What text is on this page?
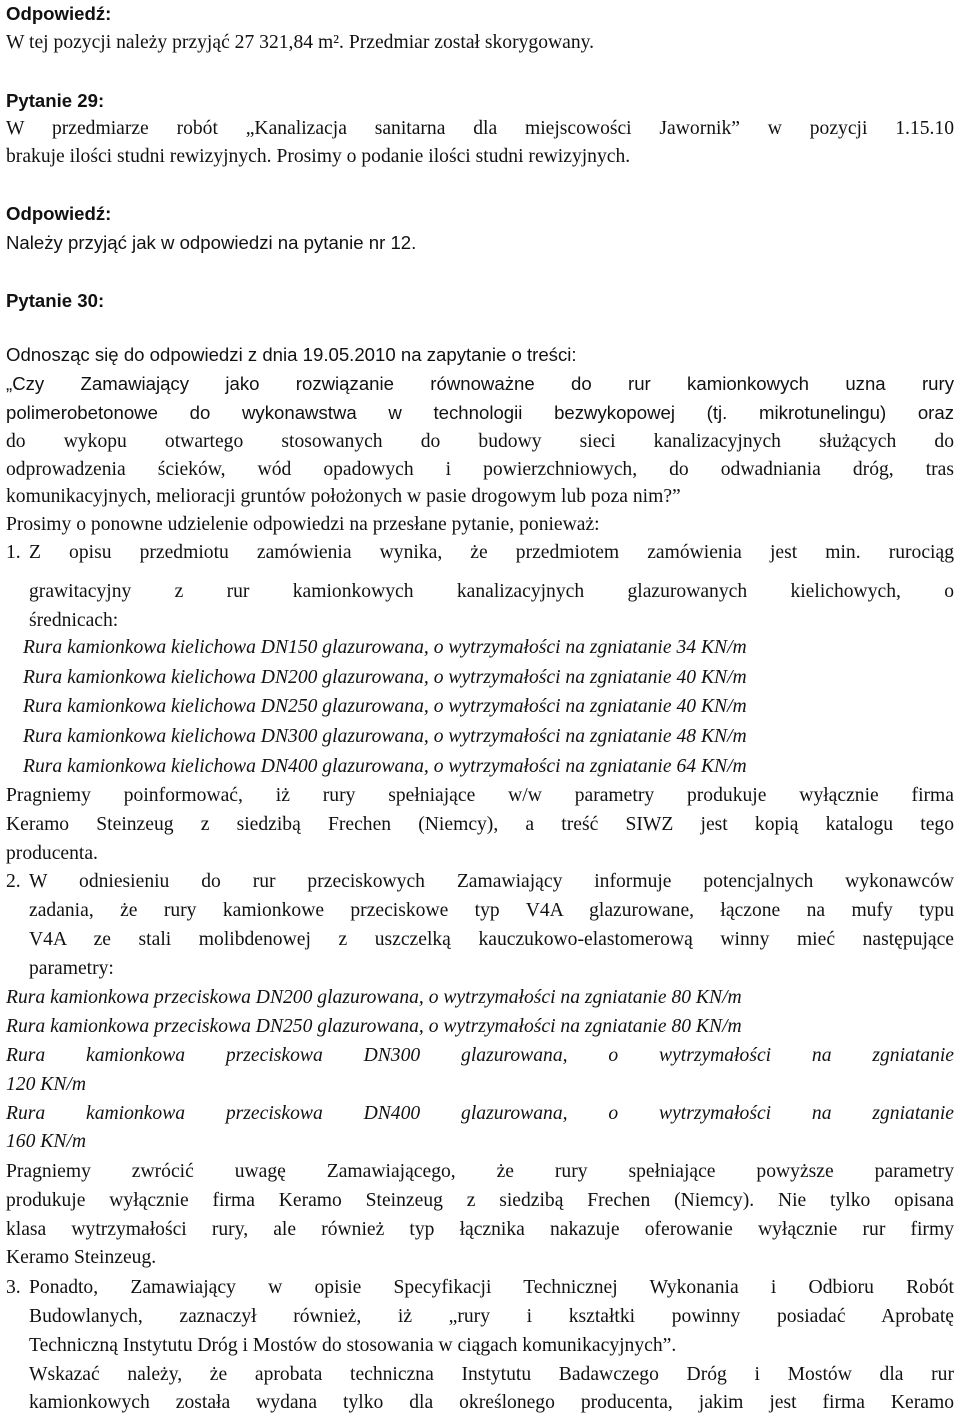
Odpowiedź:
W tej pozycji należy przyjąć 27 321,84 m². Przedmiar został skorygowany.
Pytanie 29:
W przedmiarze robót „Kanalizacja sanitarna dla miejscowości Jawornik” w pozycji 1.15.10
brakuje ilości studni rewizyjnych. Prosimy o podanie ilości studni rewizyjnych.
Odpowiedź:
Należy przyjąć jak w odpowiedzi na pytanie nr 12.
Pytanie 30:
Odnosząc się do odpowiedzi z dnia 19.05.2010 na zapytanie o treści:
„Czy Zamawiający jako rozwiązanie równoważne do rur kamionkowych uzna rury
polimerobetonowe do wykonawstwa w technologii bezwykopowej (tj. mikrotunelingu) oraz
do wykopu otwartego stosowanych do budowy sieci kanalizacyjnych służących do
odprowadzenia ścieków, wód opadowych i powierzchniowych, do odwadniania dróg, tras
komunikacyjnych, melioracji gruntów położonych w pasie drogowym lub poza nim?”
Prosimy o ponowne udzielenie odpowiedzi na przesłane pytanie, ponieważ:
1. Z opisu przedmiotu zamówienia wynika, że przedmiotem zamówienia jest min. rurociąg
grawitacyjny z rur kamionkowych kanalizacyjnych glazurowanych kielichowych, o
średnicach:
Rura kamionkowa kielichowa DN150 glazurowana, o wytrzymałości na zgniatanie 34 KN/m
Rura kamionkowa kielichowa DN200 glazurowana, o wytrzymałości na zgniatanie 40 KN/m
Rura kamionkowa kielichowa DN250 glazurowana, o wytrzymałości na zgniatanie 40 KN/m
Rura kamionkowa kielichowa DN300 glazurowana, o wytrzymałości na zgniatanie 48 KN/m
Rura kamionkowa kielichowa DN400 glazurowana, o wytrzymałości na zgniatanie 64 KN/m
Pragniemy poinformować, iż rury spełniające w/w parametry produkuje wyłącznie firma
Keramo Steinzeug z siedzibą Frechen (Niemcy), a treść SIWZ jest kopią katalogu tego
producenta.
2. W odniesieniu do rur przeciskowych Zamawiający informuje potencjalnych wykonawców
zadania, że rury kamionkowe przeciskowe typ V4A glazurowane, łączone na mufy typu
V4A ze stali molibdenowej z uszczelką kauczukowo-elastomerową winny mieć następujące
parametry:
Rura kamionkowa przeciskowa DN200 glazurowana, o wytrzymałości na zgniatanie 80 KN/m
Rura kamionkowa przeciskowa DN250 glazurowana, o wytrzymałości na zgniatanie 80 KN/m
Rura kamionkowa przeciskowa DN300 glazurowana, o wytrzymałości na zgniatanie
120 KN/m
Rura kamionkowa przeciskowa DN400 glazurowana, o wytrzymałości na zgniatanie
160 KN/m
Pragniemy zwrócić uwagę Zamawiającego, że rury spełniające powyższe parametry
produkuje wyłącznie firma Keramo Steinzeug z siedzibą Frechen (Niemcy). Nie tylko opisana
klasa wytrzymałości rury, ale również typ łącznika nakazuje oferowanie wyłącznie rur firmy
Keramo Steinzeug.
3. Ponadto, Zamawiający w opisie Specyfikacji Technicznej Wykonania i Odbioru Robót
Budowlanych, zaznaczył również, iż „rury i kształtki powinny posiadać Aprobatę
Techniczną Instytutu Dróg i Mostów do stosowania w ciągach komunikacyjnych”.
Wskazać należy, że aprobata techniczna Instytutu Badawczego Dróg i Mostów dla rur
kamionkowych została wydana tylko dla określonego producenta, jakim jest firma Keramo
